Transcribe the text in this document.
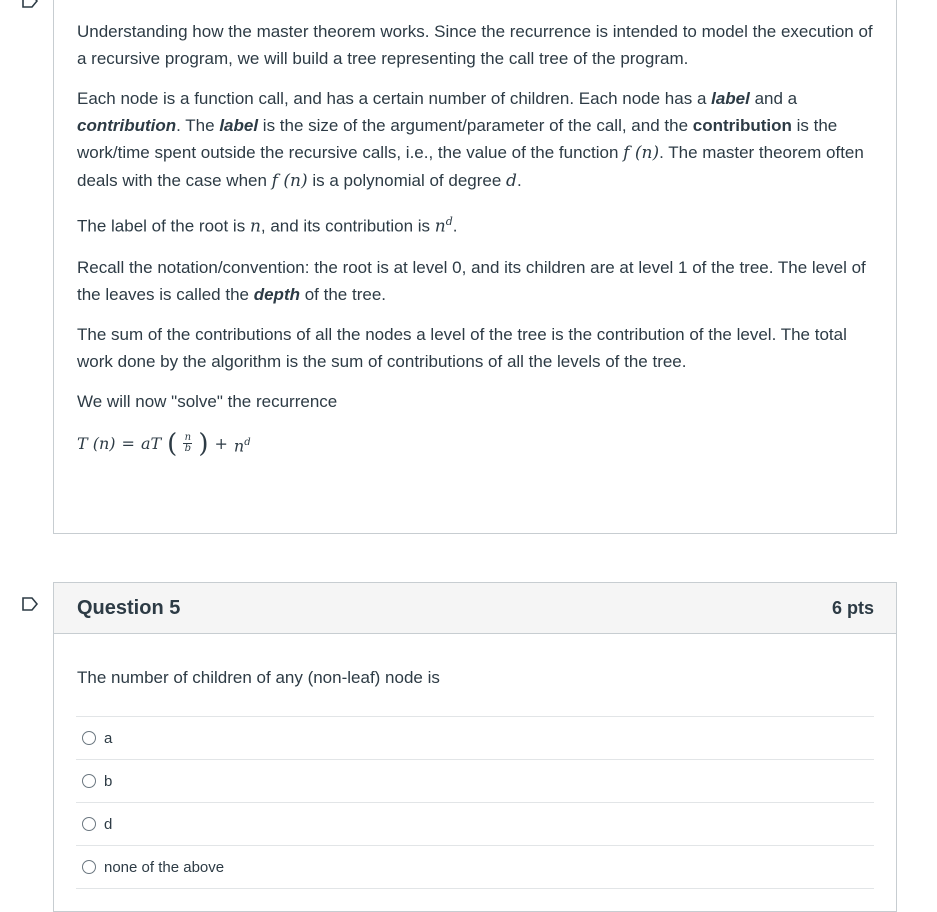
Understanding how the master theorem works. Since the recurrence is intended to model the execution of a recursive program, we will build a tree representing the call tree of the program.

Each node is a function call, and has a certain number of children. Each node has a label and a contribution. The label is the size of the argument/parameter of the call, and the contribution is the work/time spent outside the recursive calls, i.e., the value of the function f (n). The master theorem often deals with the case when f (n) is a polynomial of degree d.

The label of the root is n, and its contribution is $n^d$.

Recall the notation/convention: the root is at level 0, and its children are at level 1 of the tree. The level of the leaves is called the depth of the tree.

The sum of the contributions of all the nodes a level of the tree is the contribution of the level. The total work done by the algorithm is the sum of contributions of all the levels of the tree.

We will now "solve" the recurrence

T (n) = aT ( $\frac{n}{b}$ ) + $n^d$
Question 5	6 pts
The number of children of any (non-leaf) node is
a
b
d
none of the above
